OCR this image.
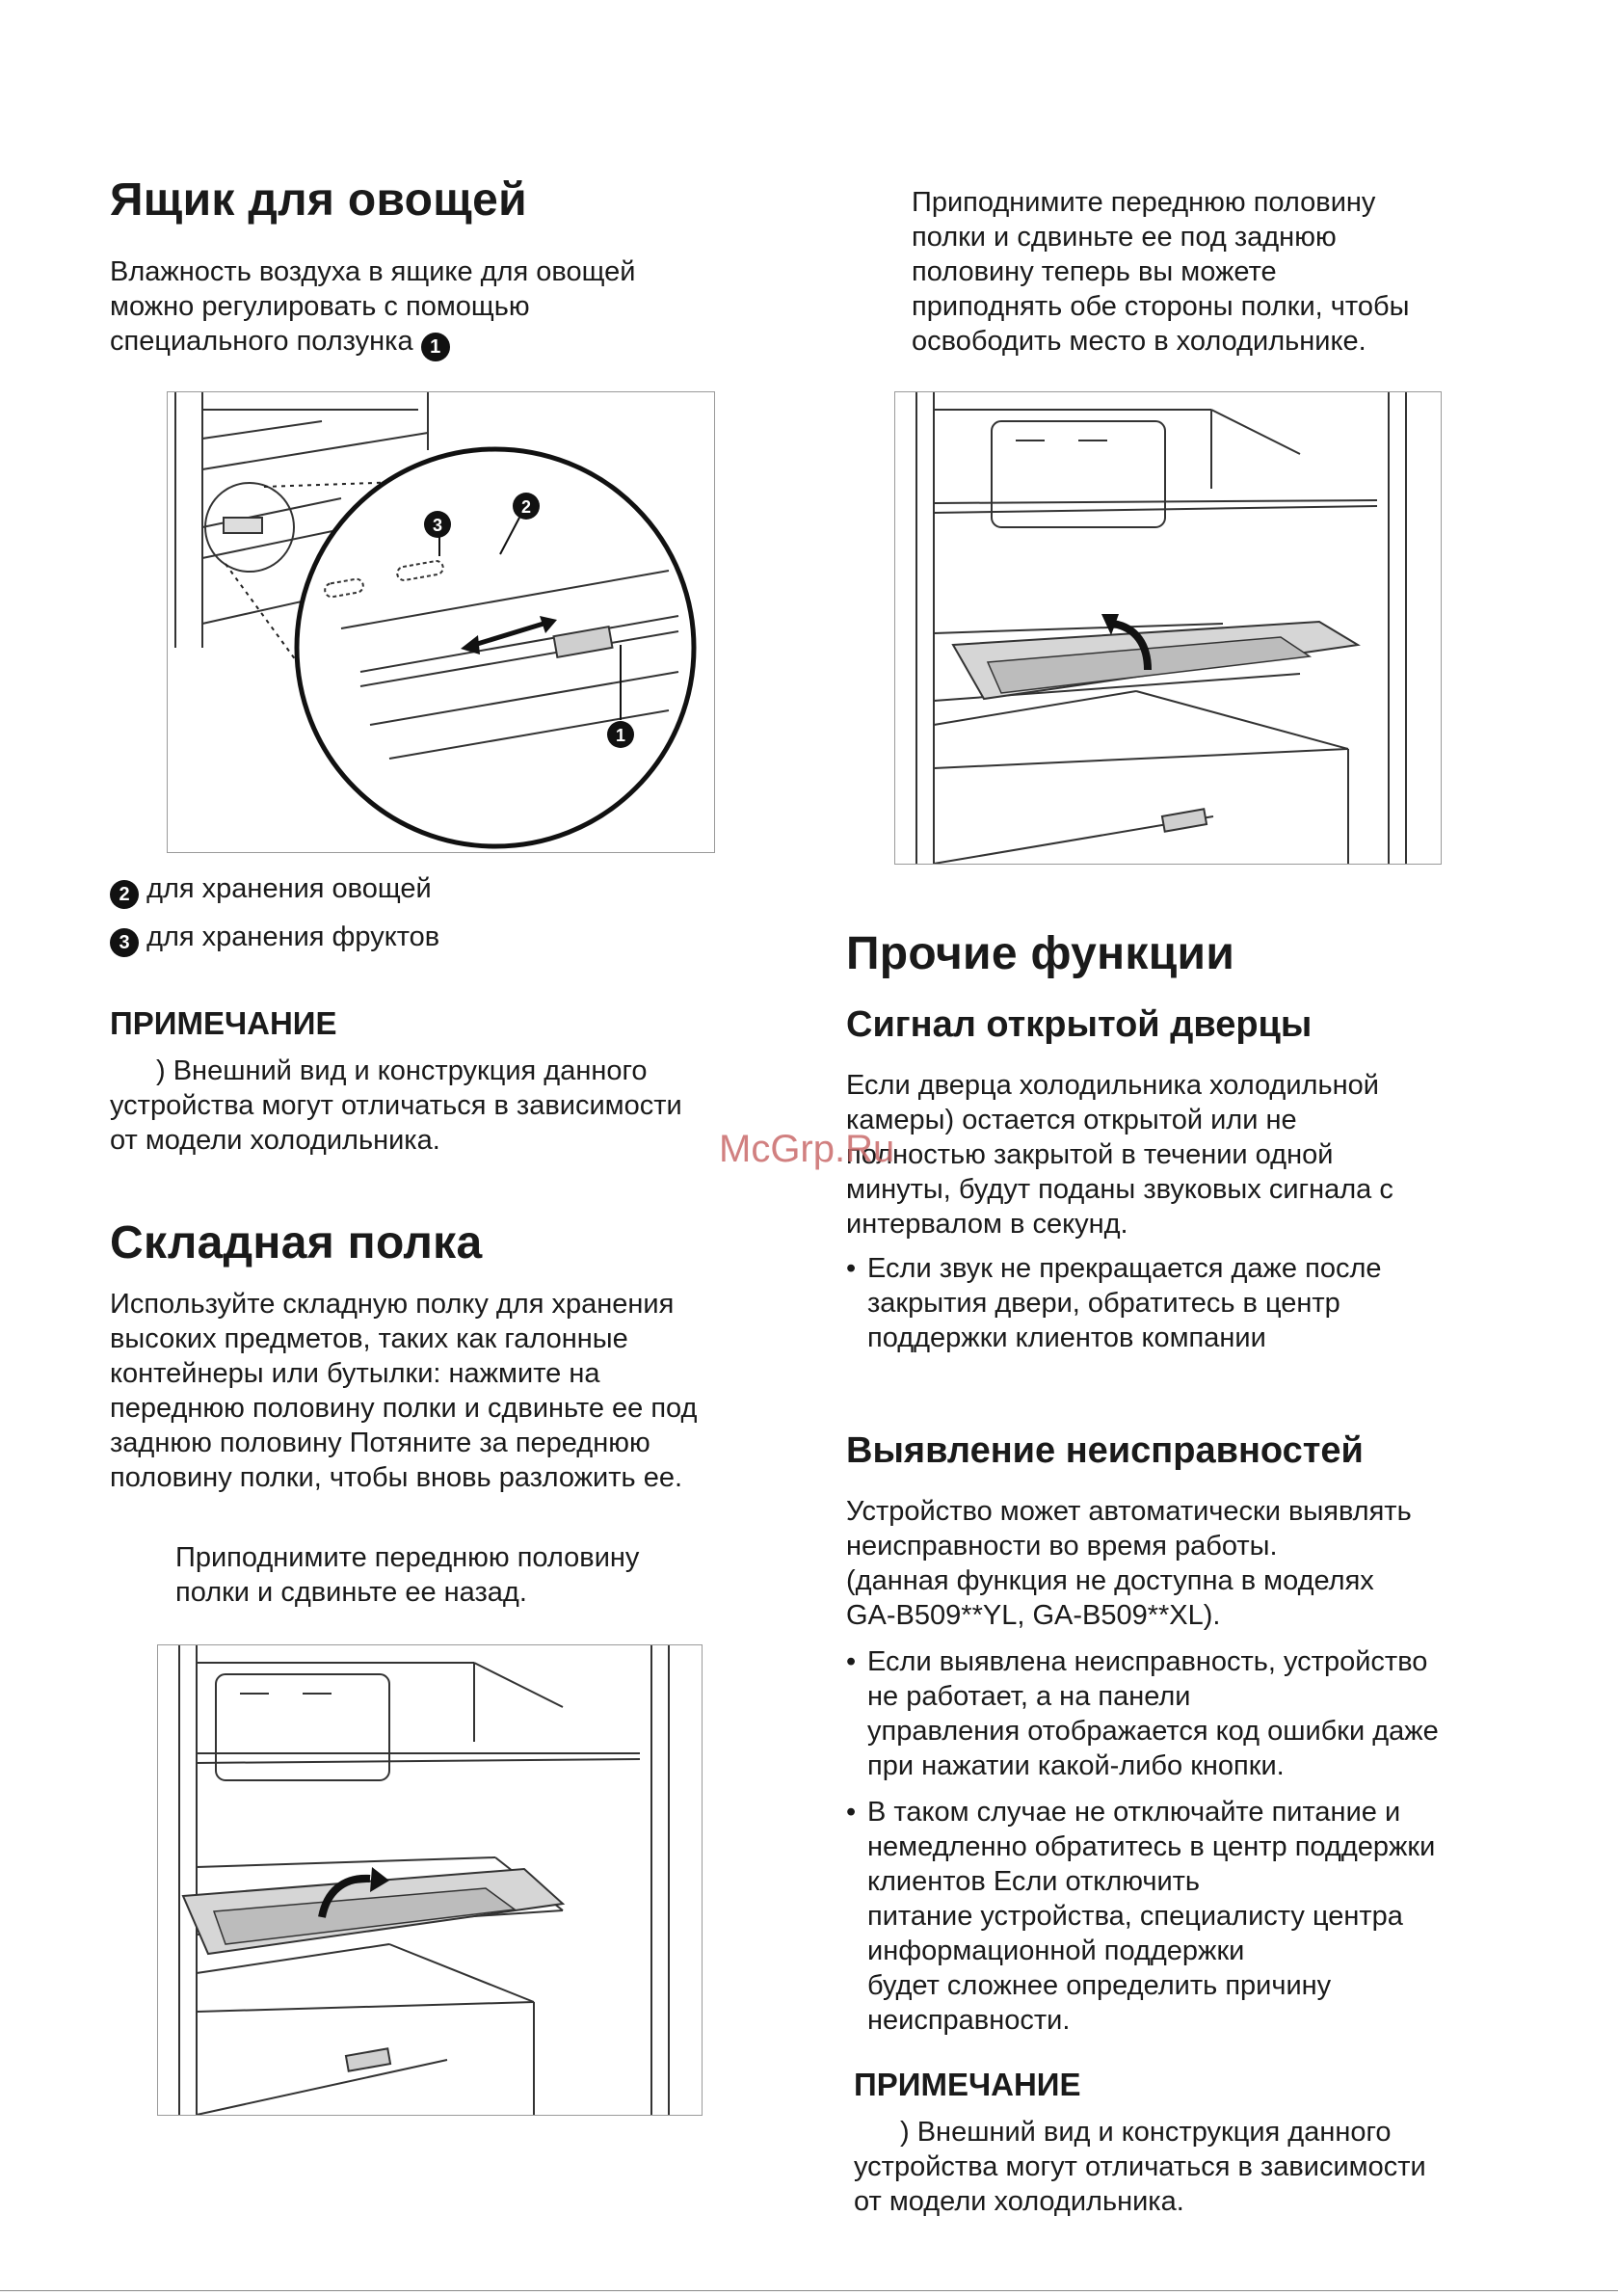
Ящик для овощей
Влажность воздуха в ящике для овощей
можно регулировать с помощью
специального ползунка 1
3
2
1
2 для хранения овощей
3 для хранения фруктов
ПРИМЕЧАНИЕ
) Внешний вид и конструкция данного
устройства могут отличаться в зависимости
от модели холодильника.
Складная полка
Используйте складную полку для хранения
высоких предметов, таких как галонные
контейнеры или бутылки: нажмите на
переднюю половину полки и сдвиньте ее под
заднюю половину Потяните за переднюю
половину полки, чтобы вновь разложить ее.
Приподнимите переднюю половину
полки и сдвиньте ее назад.
Приподнимите переднюю половину
полки и сдвиньте ее под заднюю
половину теперь вы можете
приподнять обе стороны полки, чтобы
освободить место в холодильнике.
Прочие функции
Сигнал открытой дверцы
Если дверца холодильника холодильной
камеры) остается открытой или не
полностью закрытой в течении одной
минуты, будут поданы звуковых сигнала с
интервалом в секунд.
• Если звук не прекращается даже после
закрытия двери, обратитесь в центр
поддержки клиентов компании
Выявление неисправностей
Устройство может автоматически выявлять
неисправности во время работы.
(данная функция не доступна в моделях
GA-B509**YL, GA-B509**XL).
• Если выявлена неисправность, устройство
не работает, а на панели
управления отображается код ошибки даже
при нажатии какой-либо кнопки.
• В таком случае не отключайте питание и
немедленно обратитесь в центр поддержки
клиентов Если отключить
питание устройства, специалисту центра
информационной поддержки
будет сложнее определить причину
неисправности.
ПРИМЕЧАНИЕ
) Внешний вид и конструкция данного
устройства могут отличаться в зависимости
от модели холодильника.
McGrp.Ru
